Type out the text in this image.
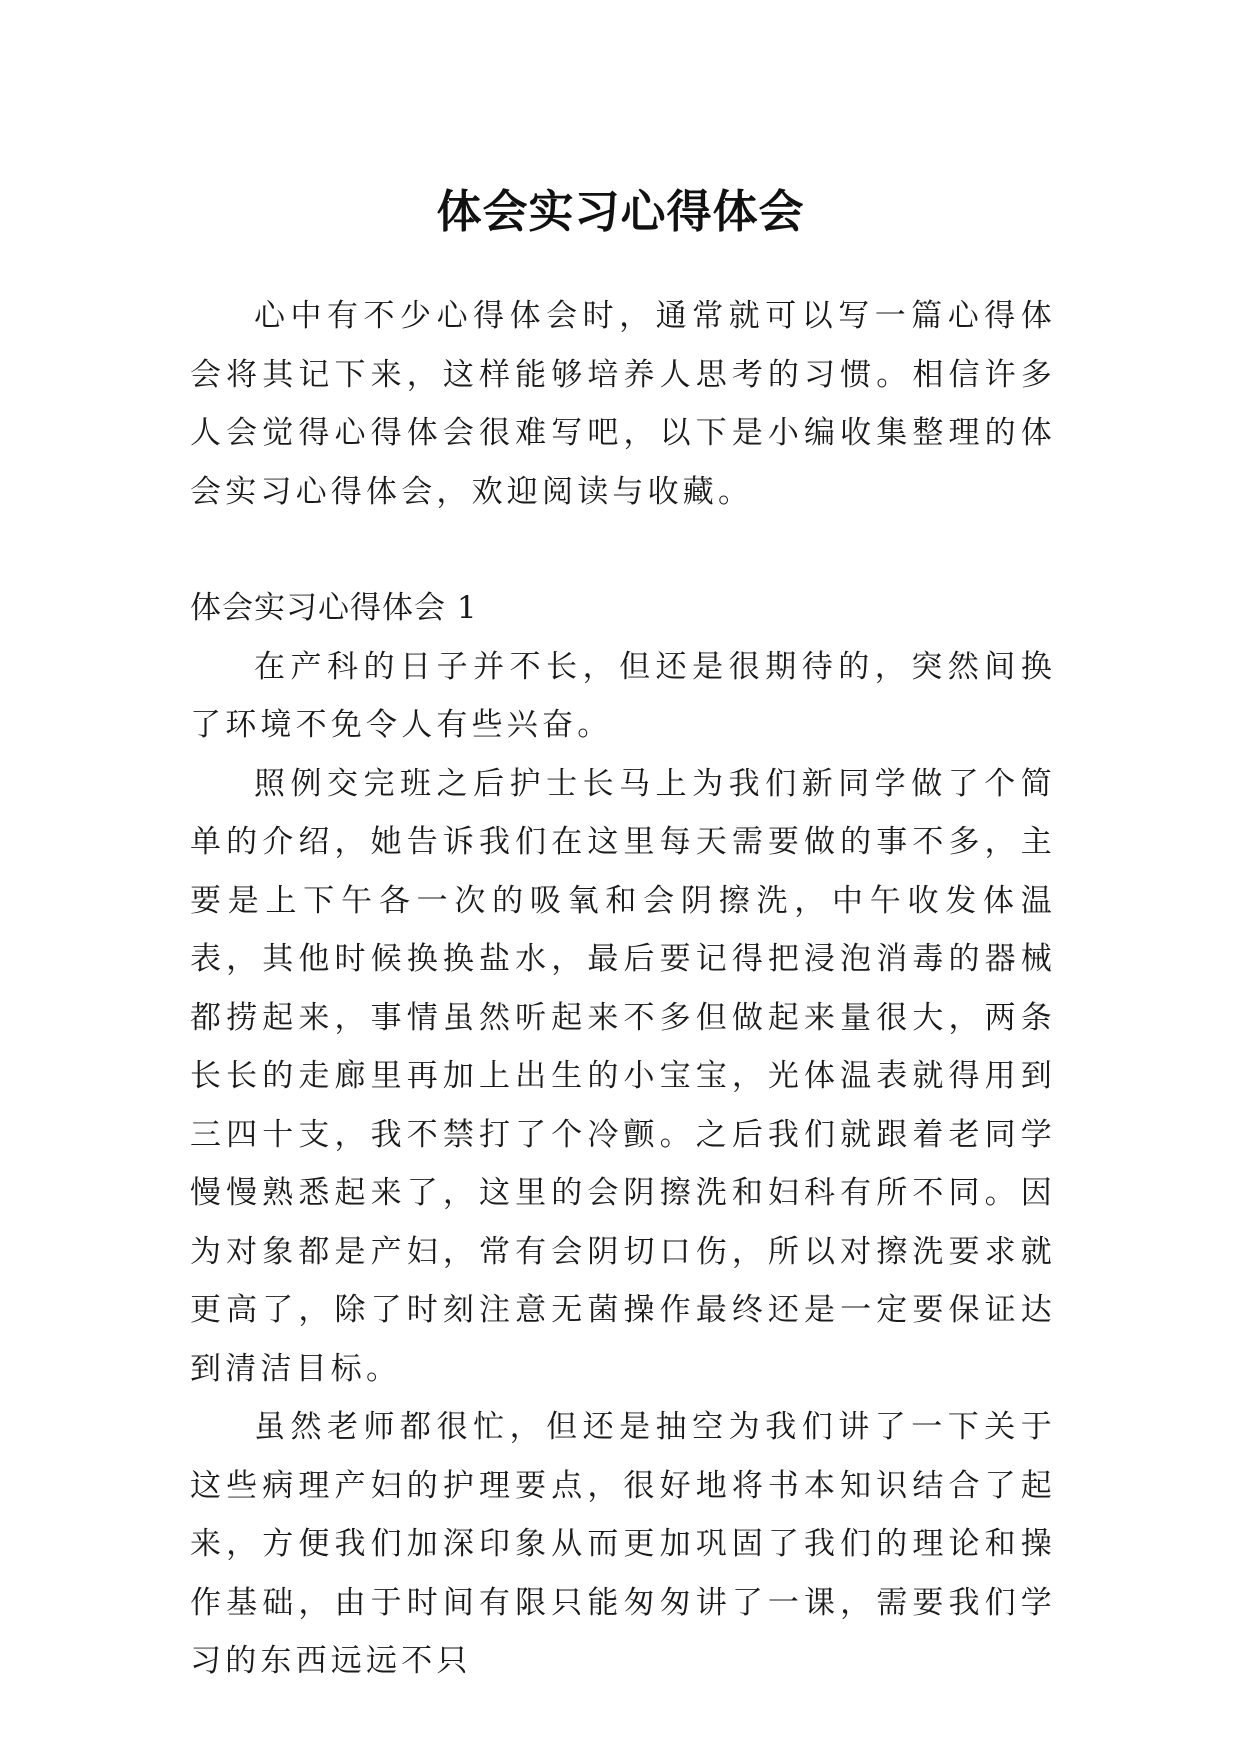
体会实习心得体会

心中有不少心得体会时，通常就可以写一篇心得体会将其记下来，这样能够培养人思考的习惯。相信许多人会觉得心得体会很难写吧，以下是小编收集整理的体会实习心得体会，欢迎阅读与收藏。

体会实习心得体会 1

在产科的日子并不长，但还是很期待的，突然间换了环境不免令人有些兴奋。

照例交完班之后护士长马上为我们新同学做了个简单的介绍，她告诉我们在这里每天需要做的事不多，主要是上下午各一次的吸氧和会阴擦洗，中午收发体温表，其他时候换换盐水，最后要记得把浸泡消毒的器械都捞起来，事情虽然听起来不多但做起来量很大，两条长长的走廊里再加上出生的小宝宝，光体温表就得用到三四十支，我不禁打了个冷颤。之后我们就跟着老同学慢慢熟悉起来了，这里的会阴擦洗和妇科有所不同。因为对象都是产妇，常有会阴切口伤，所以对擦洗要求就更高了，除了时刻注意无菌操作最终还是一定要保证达到清洁目标。

虽然老师都很忙，但还是抽空为我们讲了一下关于这些病理产妇的护理要点，很好地将书本知识结合了起来，方便我们加深印象从而更加巩固了我们的理论和操作基础，由于时间有限只能匆匆讲了一课，需要我们学习的东西远远不只
